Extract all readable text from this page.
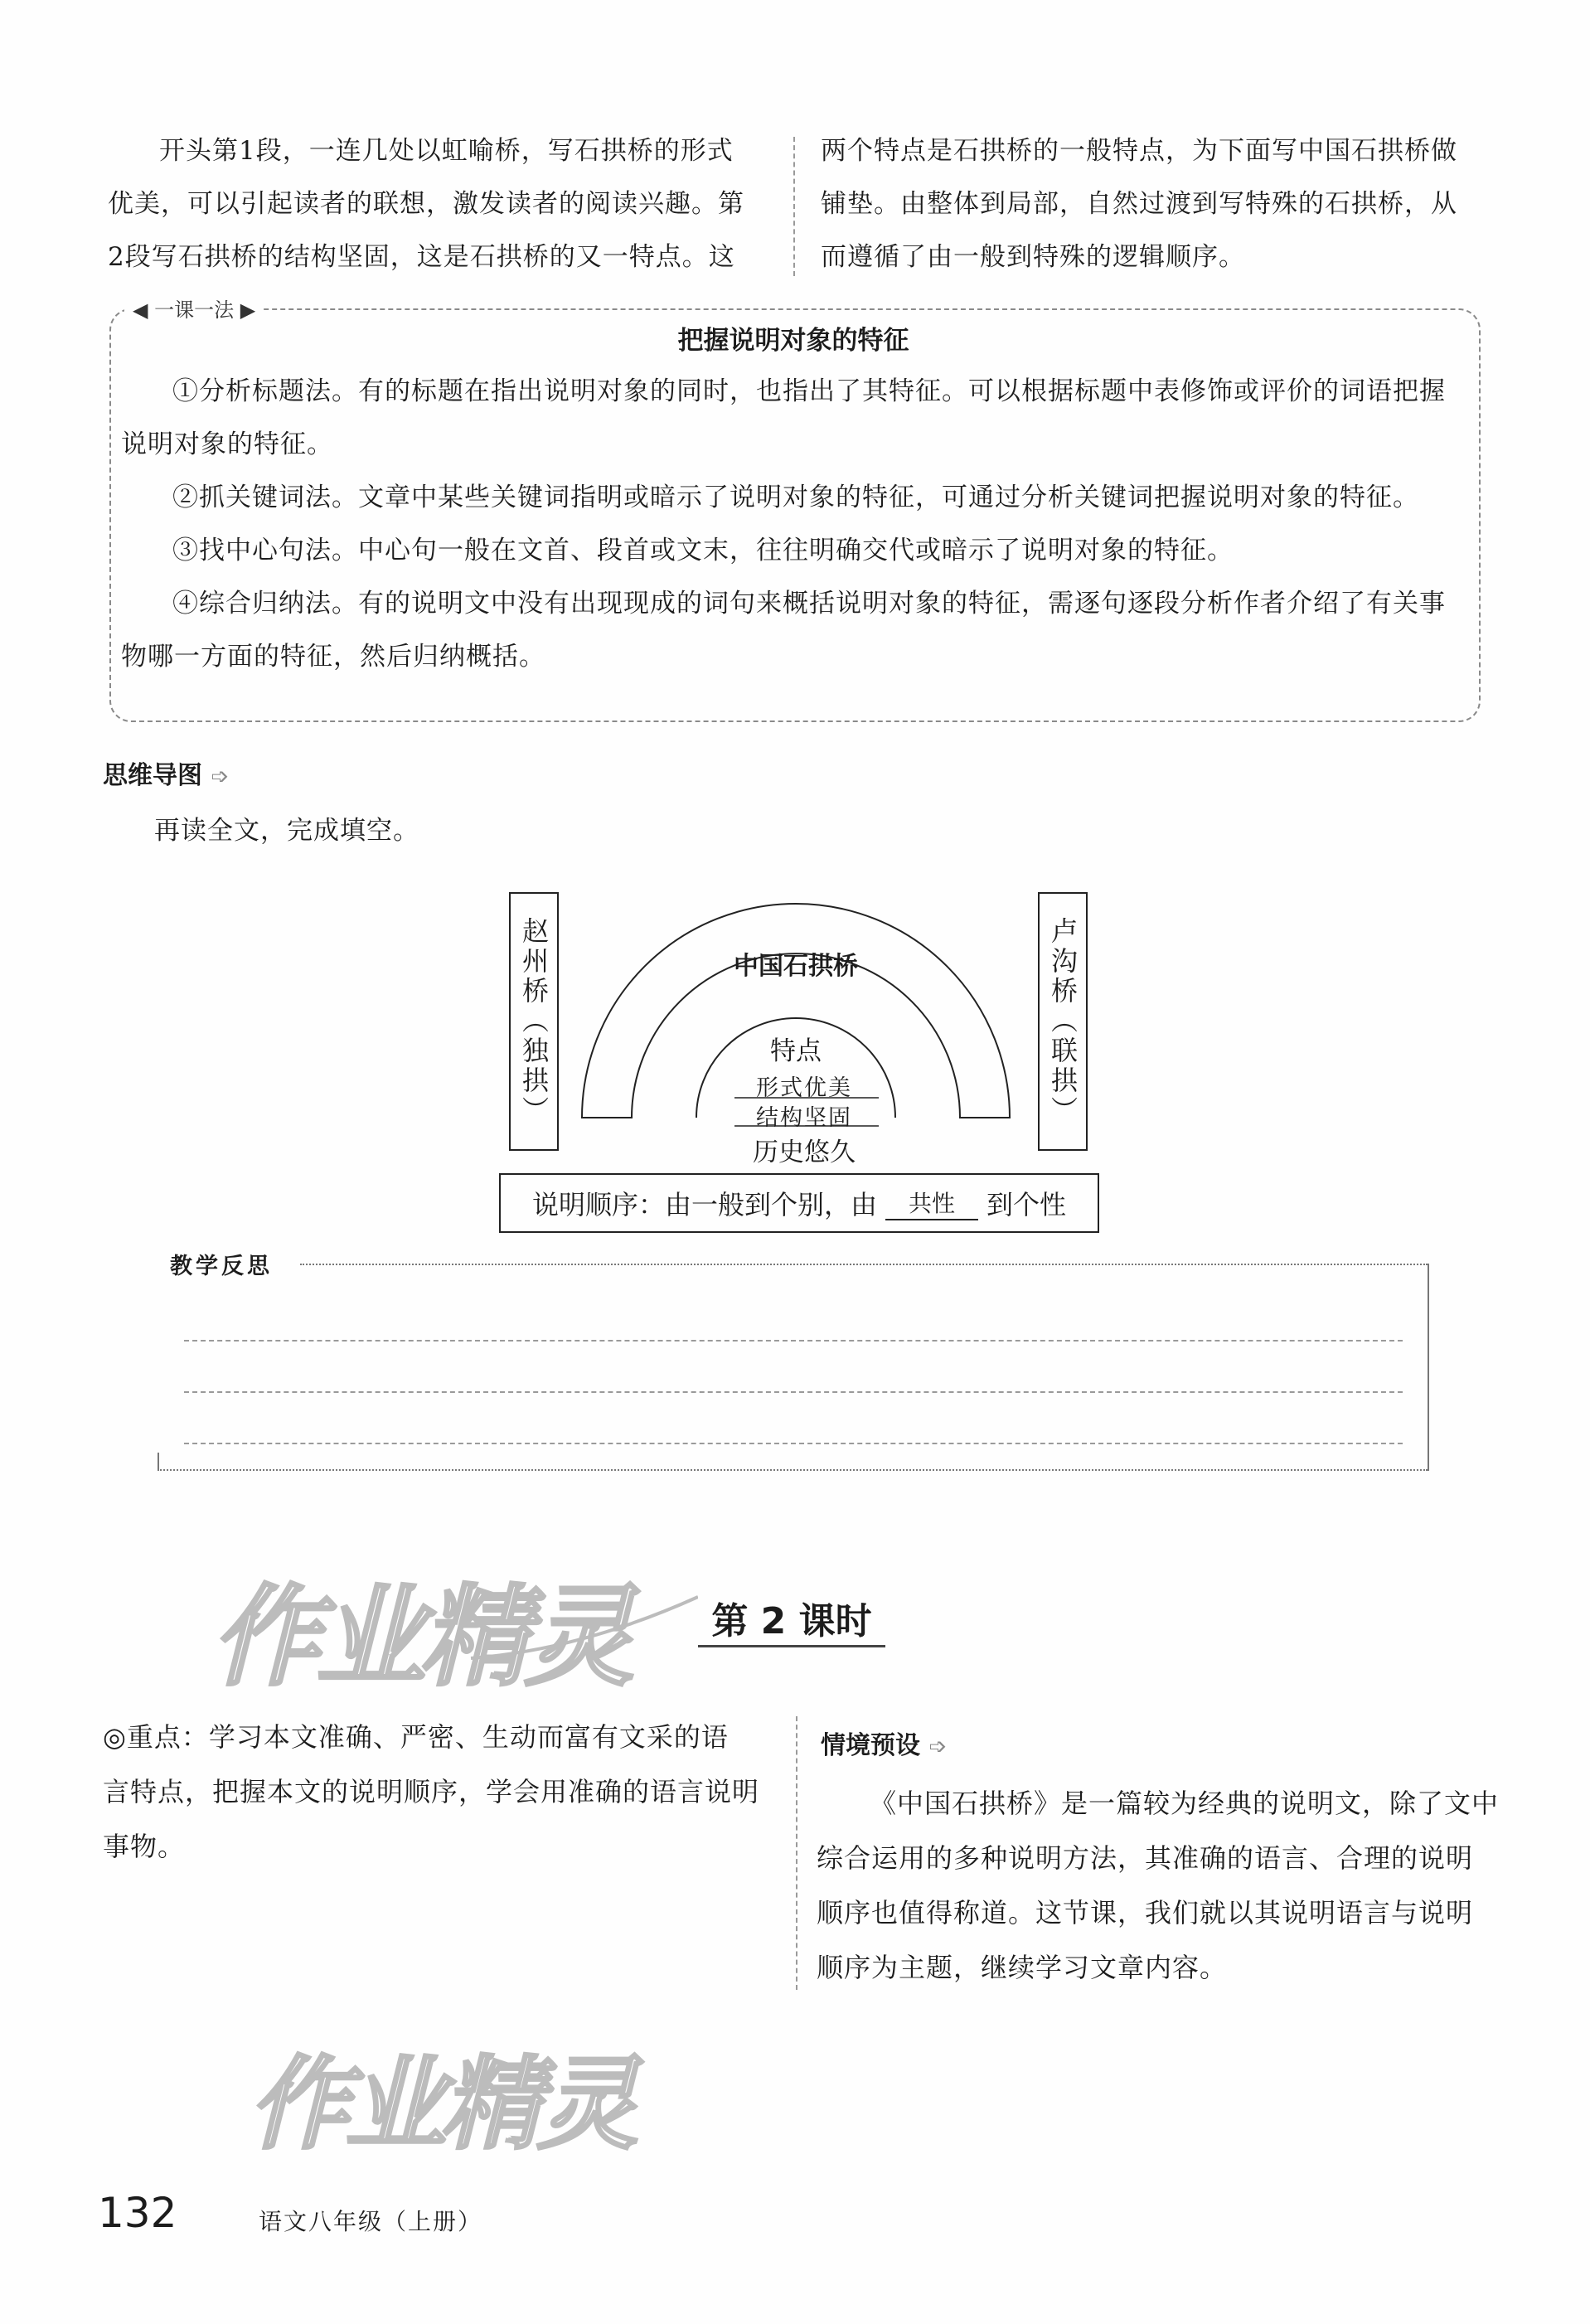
开头第1段，一连几处以虹喻桥，写石拱桥的形式

优美，可以引起读者的联想，激发读者的阅读兴趣。第

2段写石拱桥的结构坚固，这是石拱桥的又一特点。这

两个特点是石拱桥的一般特点，为下面写中国石拱桥做

铺垫。由整体到局部，自然过渡到写特殊的石拱桥，从

而遵循了由一般到特殊的逻辑顺序。

◀ 一课一法 ▶
把握说明对象的特征

①分析标题法。有的标题在指出说明对象的同时，也指出了其特征。可以根据标题中表修饰或评价的词语把握说明对象的特征。

②抓关键词法。文章中某些关键词指明或暗示了说明对象的特征，可通过分析关键词把握说明对象的特征。

③找中心句法。中心句一般在文首、段首或文末，往往明确交代或暗示了说明对象的特征。

④综合归纳法。有的说明文中没有出现现成的词句来概括说明对象的特征，需逐句逐段分析作者介绍了有关事物哪一方面的特征，然后归纳概括。

思维导图 ➩
再读全文，完成填空。
中国石拱桥
特点
形式优美
结构坚固
历史悠久
赵州桥（独拱）	卢沟桥（联拱）
说明顺序：由一般到个别，由	共性	到个性
教学反思
作业精灵	第 2 课时

◎重点：学习本文准确、严密、生动而富有文采的语

言特点，把握本文的说明顺序，学会用准确的语言说明

事物。

情境预设 ➩

《中国石拱桥》是一篇较为经典的说明文，除了文中

综合运用的多种说明方法，其准确的语言、合理的说明

顺序也值得称道。这节课，我们就以其说明语言与说明

顺序为主题，继续学习文章内容。

作业精灵
132	语文八年级（上册）
